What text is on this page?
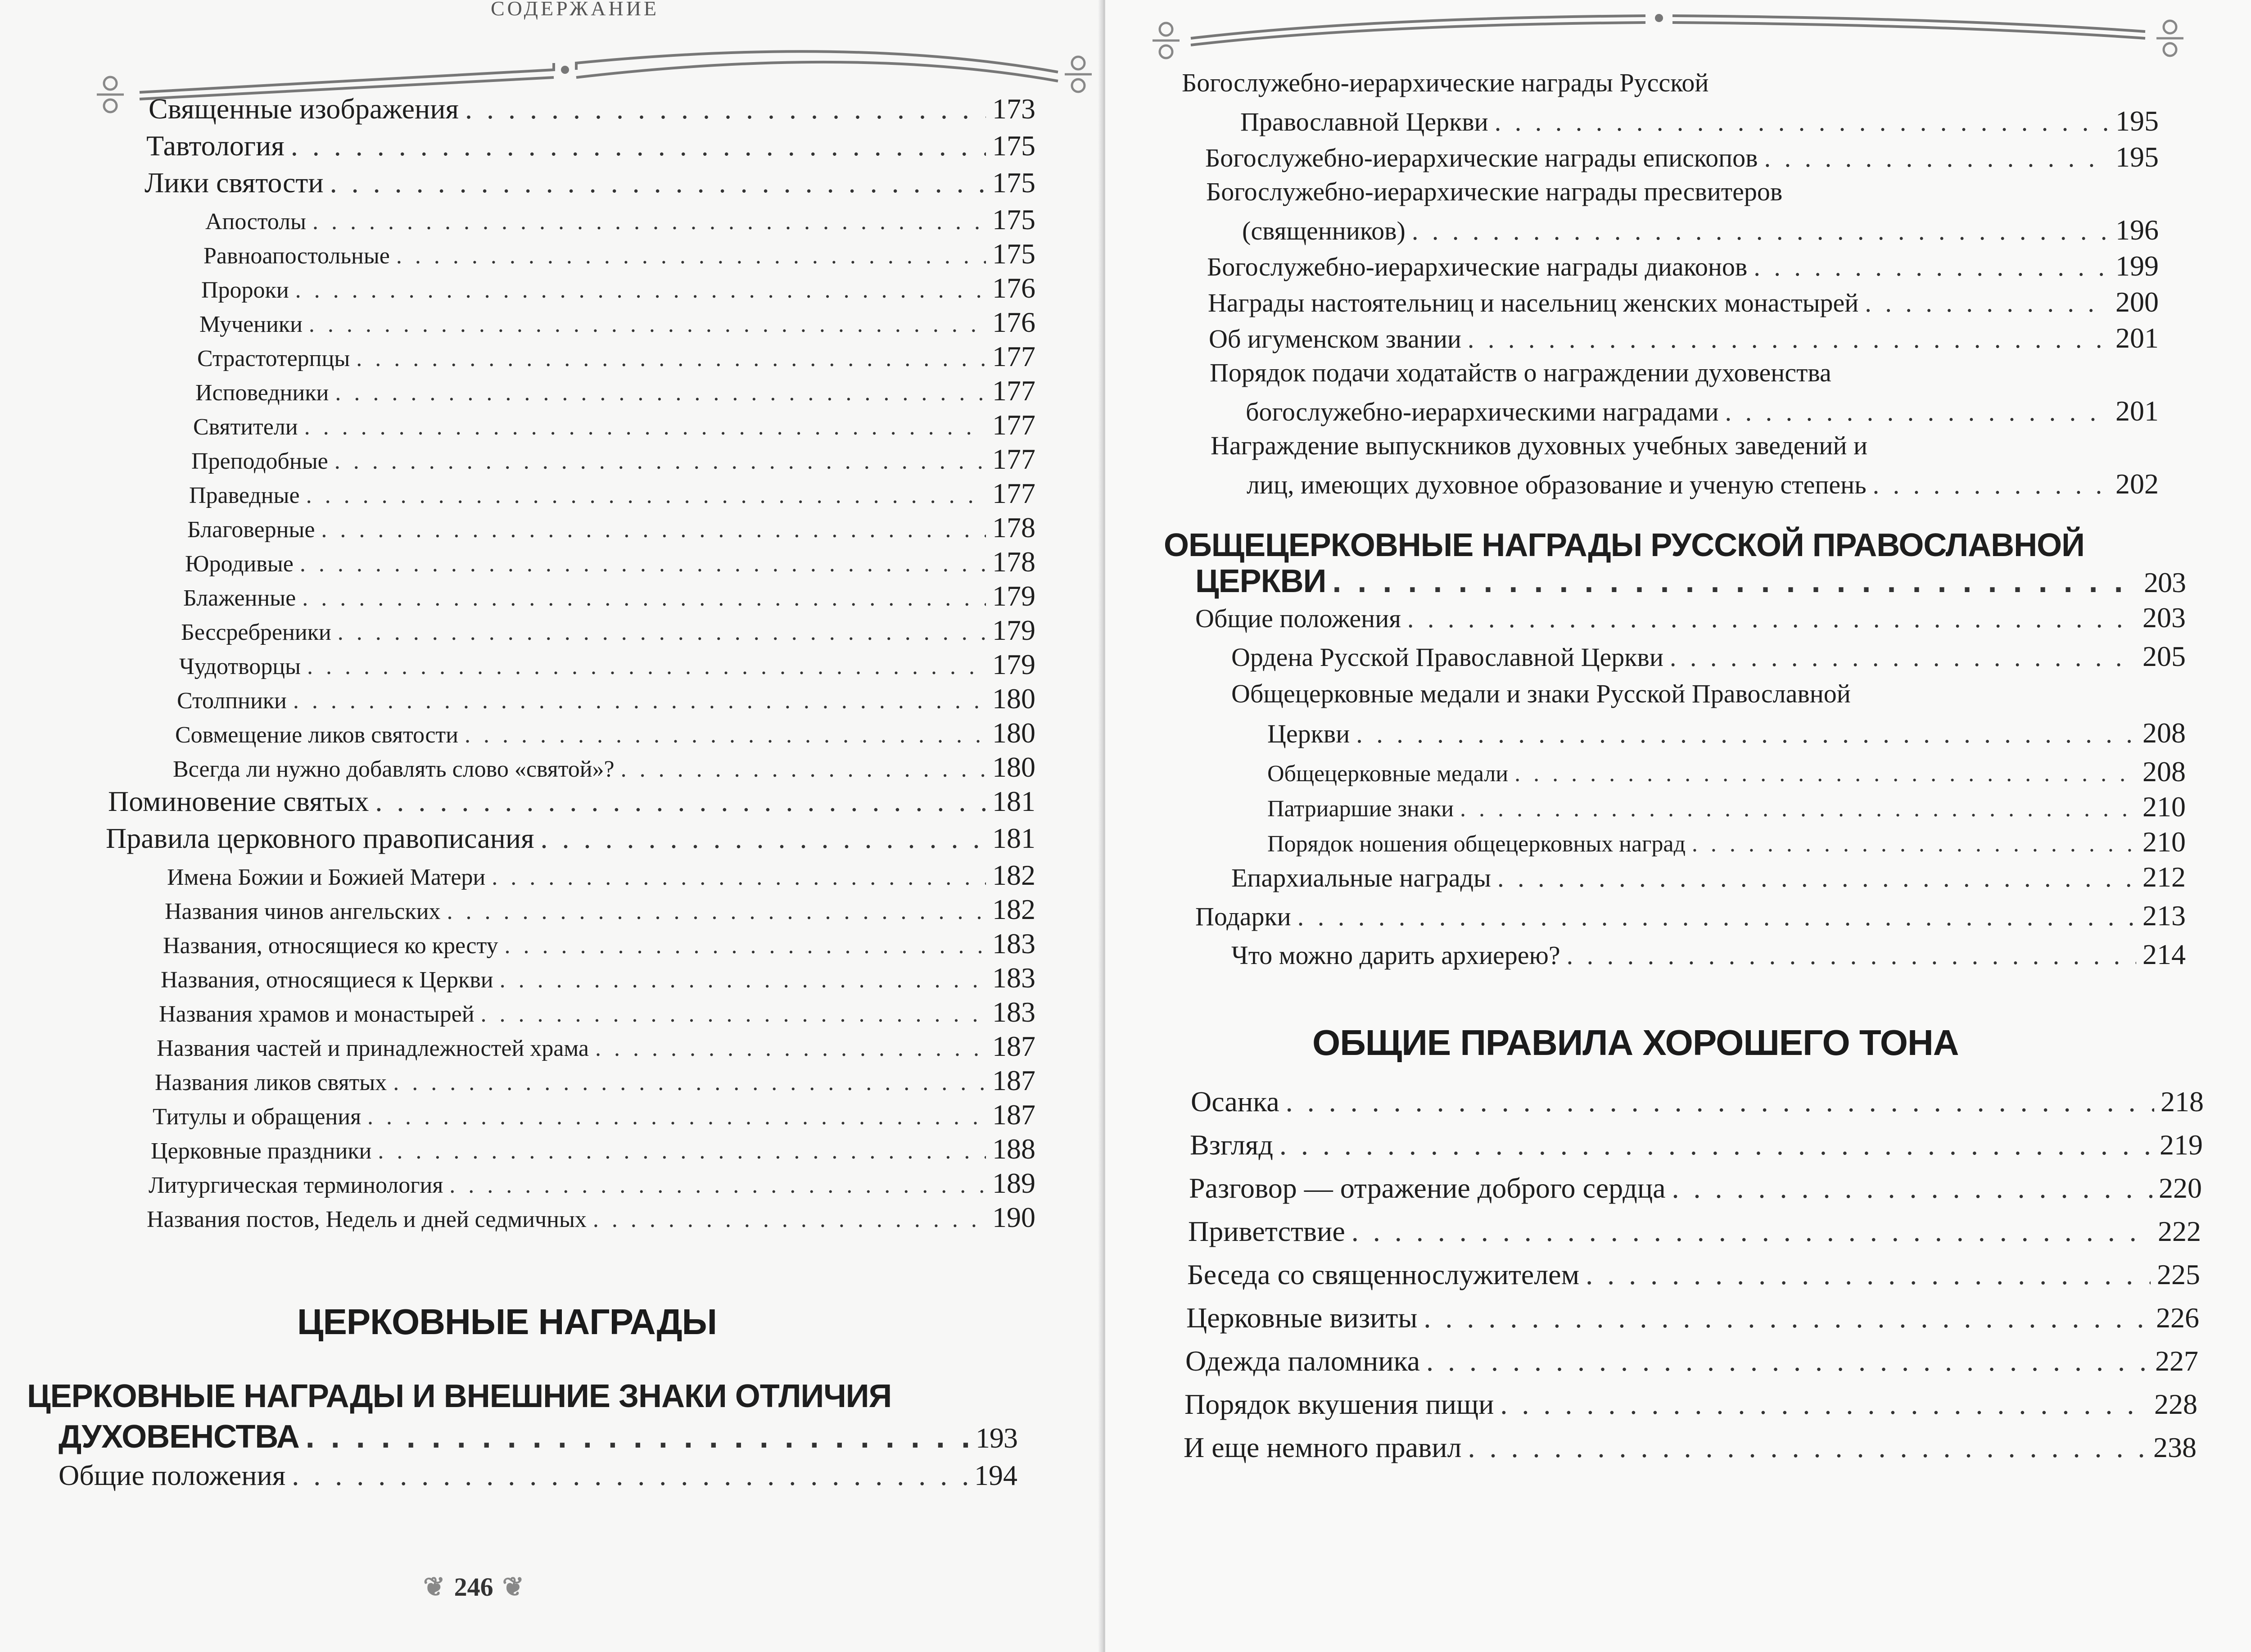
СОДЕРЖАНИЕ
Священные изображения . . .	173
Тавтология . . .	175
Лики святости . . .	175
Апостолы . . .	175
Равноапостольные . . .	175
Пророки . . .	176
Мученики . . .	176
Страстотерпцы . . .	177
Исповедники . . .	177
Святители . . .	177
Преподобные . . .	177
Праведные . . .	177
Благоверные . . .	178
Юродивые . . .	178
Блаженные . . .	179
Бессребреники . . .	179
Чудотворцы . . .	179
Столпники . . .	180
Совмещение ликов святости . . .	180
Всегда ли нужно добавлять слово «святой»? . . .	180
Поминовение святых . . .	181
Правила церковного правописания . . .	181
Имена Божии и Божией Матери . . .	182
Названия чинов ангельских . . .	182
Названия, относящиеся ко кресту . . .	183
Названия, относящиеся к Церкви . . .	183
Названия храмов и монастырей . . .	183
Названия частей и принадлежностей храма . . .	187
Названия ликов святых . . .	187
Титулы и обращения . . .	187
Церковные праздники . . .	188
Литургическая терминология . . .	189
Названия постов, Недель и дней седмичных . . .	190
ЦЕРКОВНЫЕ НАГРАДЫ
ЦЕРКОВНЫЕ НАГРАДЫ И ВНЕШНИЕ ЗНАКИ ОТЛИЧИЯ
ДУХОВЕНСТВА . . .	193
Общие положения . . .	194
❦ 246 ❦
Богослужебно-иерархические награды Русской
Православной Церкви . . .	195
Богослужебно-иерархические награды епископов . . .	195
Богослужебно-иерархические награды пресвитеров
(священников) . . .	196
Богослужебно-иерархические награды диаконов . . .	199
Награды настоятельниц и насельниц женских монастырей . . .	200
Об игуменском звании . . .	201
Порядок подачи ходатайств о награждении духовенства
богослужебно-иерархическими наградами . . .	201
Награждение выпускников духовных учебных заведений и
лиц, имеющих духовное образование и ученую степень . . .	202
ОБЩЕЦЕРКОВНЫЕ НАГРАДЫ РУССКОЙ ПРАВОСЛАВНОЙ
ЦЕРКВИ . . .	203
Общие положения . . .	203
Ордена Русской Православной Церкви . . .	205
Общецерковные медали и знаки Русской Православной
Церкви . . .	208
Общецерковные медали . . .	208
Патриаршие знаки . . .	210
Порядок ношения общецерковных наград . . .	210
Епархиальные награды . . .	212
Подарки . . .	213
Что можно дарить архиерею? . . .	214
ОБЩИЕ ПРАВИЛА ХОРОШЕГО ТОНА
Осанка . . .	218
Взгляд . . .	219
Разговор — отражение доброго сердца . . .	220
Приветствие . . .	222
Беседа со священнослужителем . . .	225
Церковные визиты . . .	226
Одежда паломника . . .	227
Порядок вкушения пищи . . .	228
И еще немного правил . . .	238
